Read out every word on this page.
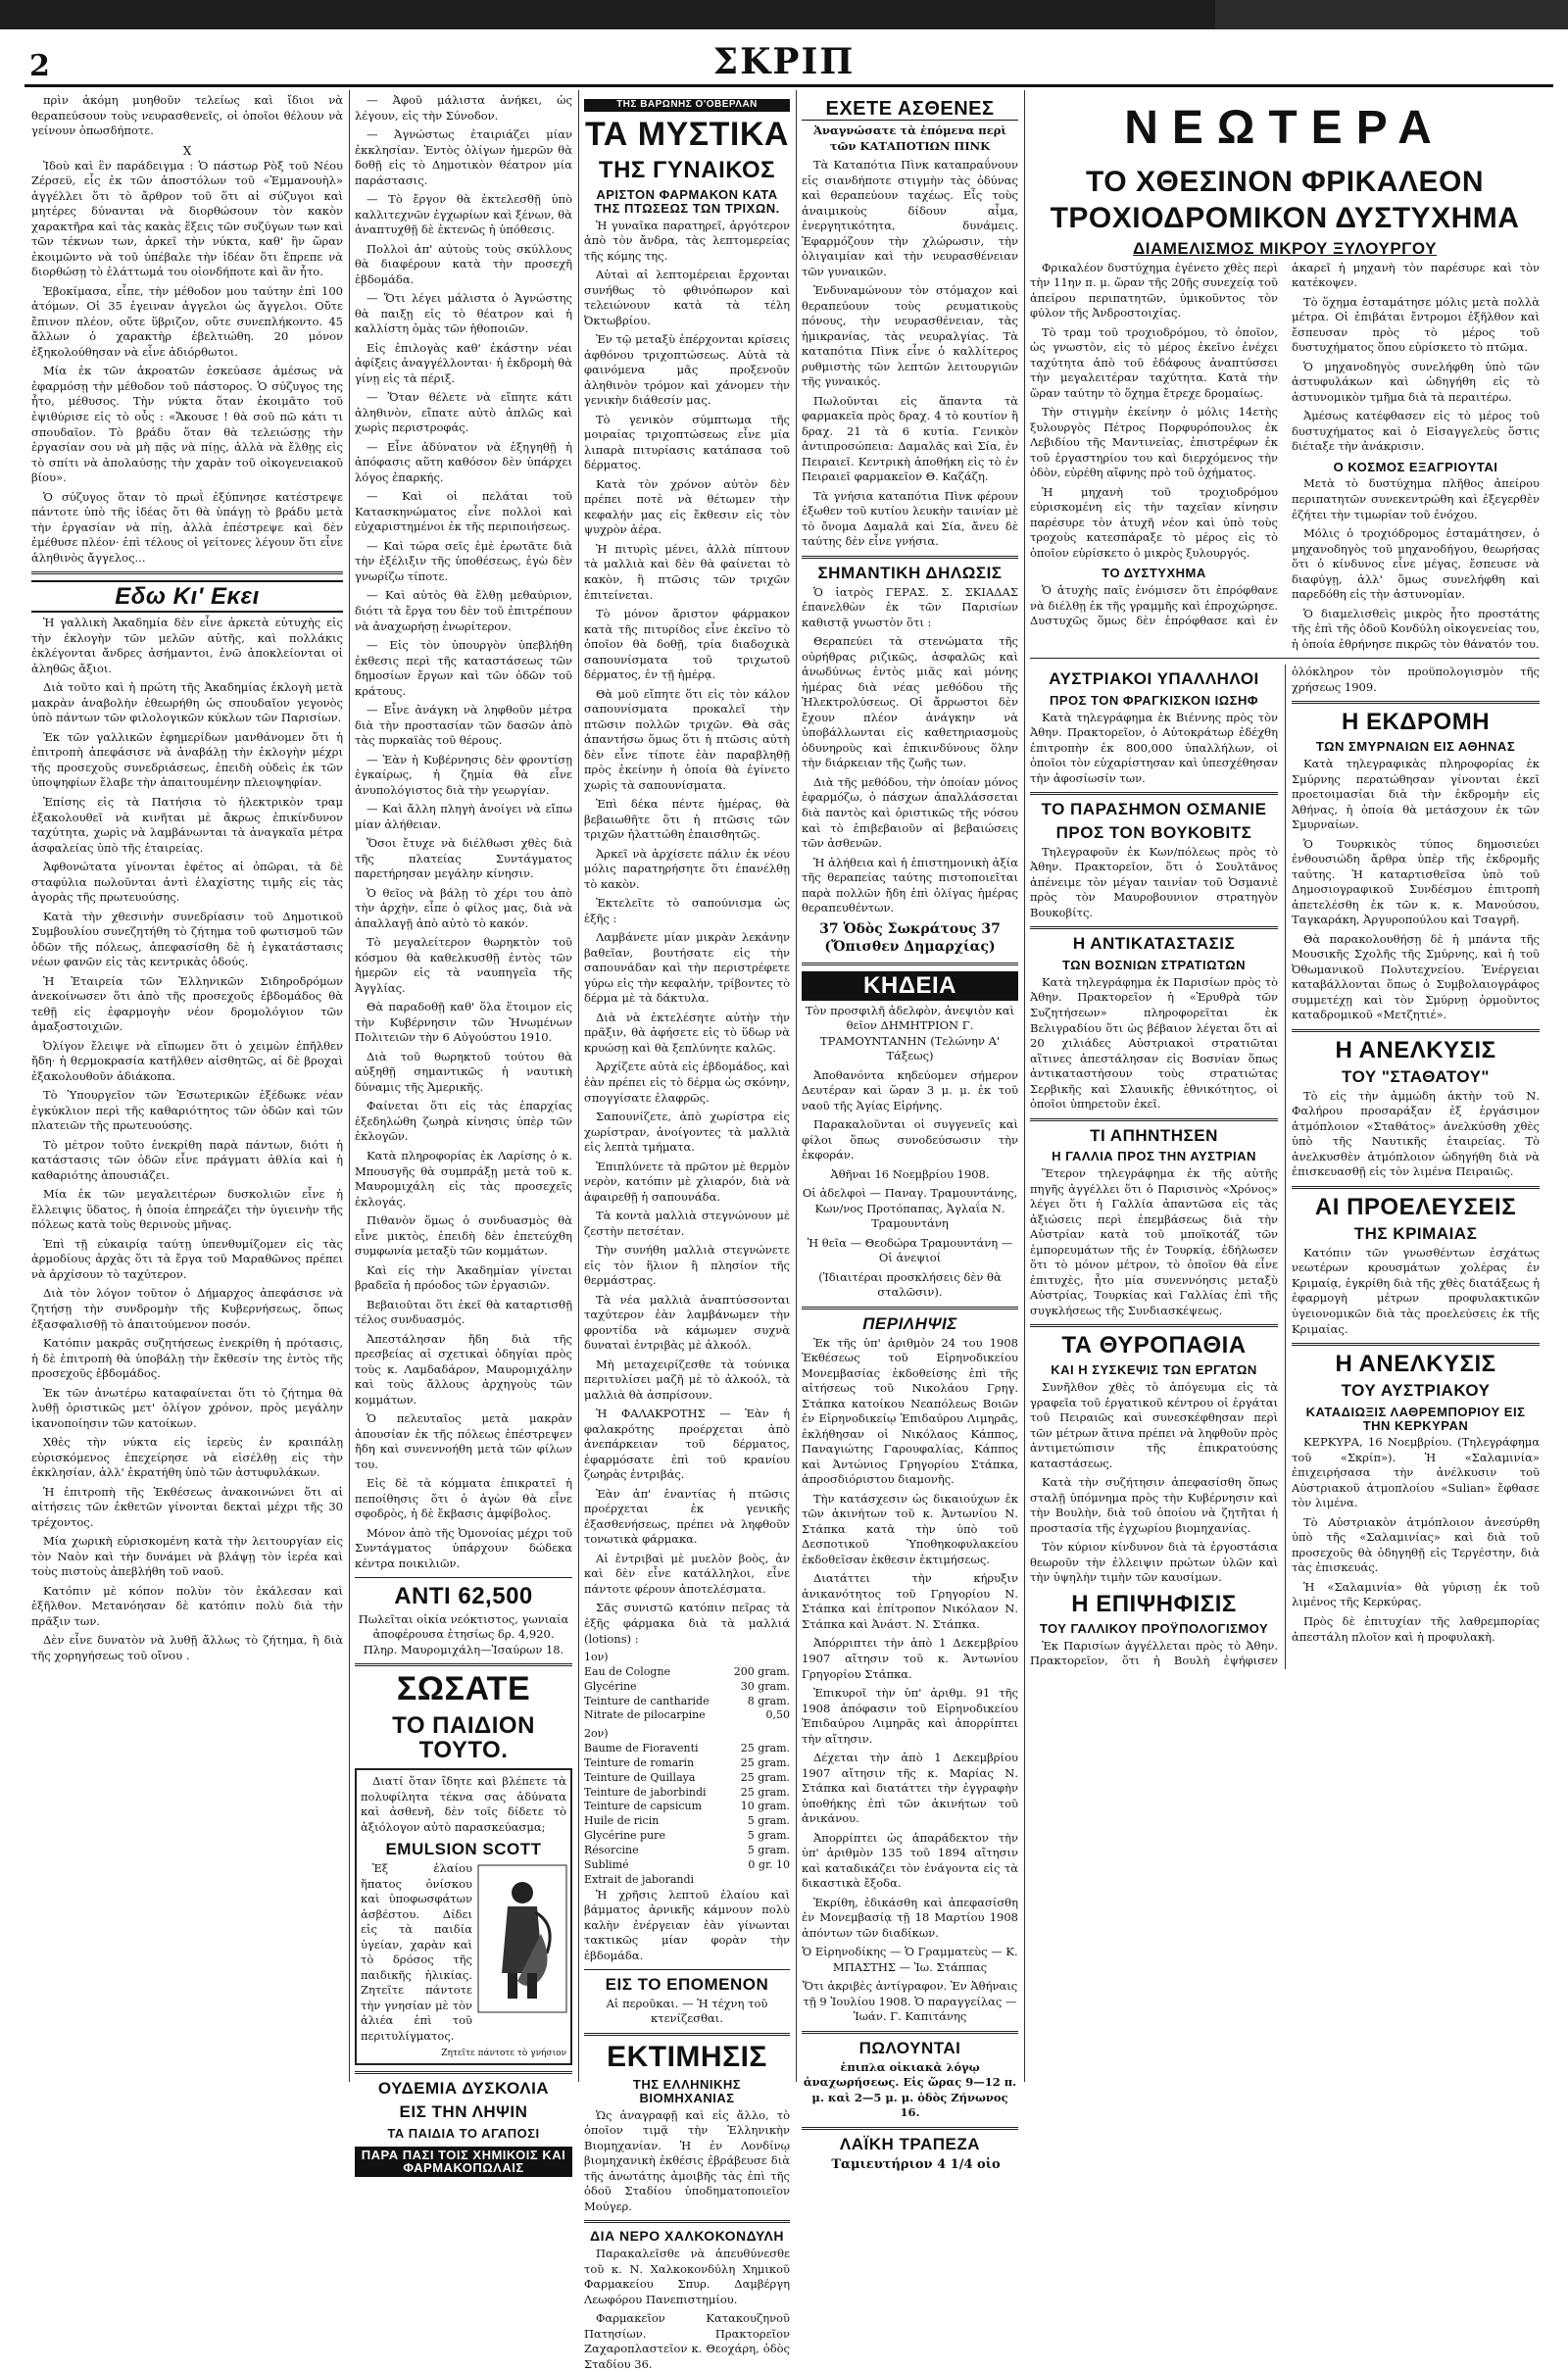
2	ΣΚΡΙΠ

πρὶν ἀκόμη μυηθοῦν τελείως καὶ ἴδιοι νὰ θεραπεύσουν τοὺς νευρασθενεῖς, οἱ ὁποῖοι θέλουν νὰ γείνουν ὁπωσδήποτε.

X

Ἰδοὺ καὶ ἓν παράδειγμα : Ὁ πάστωρ Ρὸξ τοῦ Νέου Ζέρσεϋ, εἷς ἐκ τῶν ἀποστόλων τοῦ «Ἐμμανουὴλ» ἀγγέλλει ὅτι τὸ ἄρθρον τοῦ ὅτι αἱ σύζυγοι καὶ μητέρες δύνανται νὰ διορθώσουν τὸν κακὸν χαρακτῆρα καὶ τὰς κακὰς ἕξεις τῶν συζύγων των καὶ τῶν τέκνων των, ἀρκεῖ τὴν νύκτα, καθ' ἣν ὥραν ἐκοιμῶντο νὰ τοῦ ὑπέβαλε τὴν ἰδέαν ὅτι ἔπρεπε νὰ διορθώσῃ τὸ ἐλάττωμά του οἰονδήποτε καὶ ἂν ἦτο.

Ἐβοκίμασα, εἶπε, τὴν μέθοδον μου ταύτην ἐπὶ 100 ἀτόμων. Οἱ 35 ἐγειναν ἀγγελοι ὡς ἄγγελοι. Οὔτε ἔπινον πλέον, οὔτε ὕβριζον, οὔτε συνεπλήκοντο. 45 ἄλλων ὁ χαρακτὴρ ἐβελτιώθη. 20 μόνον ἐξηκολούθησαν νὰ εἶνε ἀδιόρθωτοι.

Μία ἐκ τῶν ἀκροατῶν ἐσκεύασε ἀμέσως νὰ ἐφαρμόσῃ τὴν μέθοδον τοῦ πάστορος. Ὁ σύζυγος της ἦτο, μέθυσος. Τὴν νύκτα ὅταν ἐκοιμᾶτο τοῦ ἐψιθύρισε εἰς τὸ οὖς : «Ἄκουσε ! θὰ σοῦ πῶ κάτι τι σπουδαῖον. Τὸ βράδυ ὅταν θὰ τελειώσῃς τὴν ἐργασίαν σου νὰ μὴ πᾷς νὰ πίῃς, ἀλλὰ νὰ ἔλθῃς εἰς τὸ σπίτι νὰ ἀπολαύσῃς τὴν χαρὰν τοῦ οἰκογενειακοῦ βίου».

Ὁ σύζυγος ὅταν τὸ πρωῒ ἐξύπνησε κατέστρεψε πάντοτε ὑπὸ τῆς ἰδέας ὅτι θὰ ὑπάγῃ τὸ βράδυ μετὰ τὴν ἐργασίαν νὰ πίῃ, ἀλλὰ ἐπέστρεψε καὶ δὲν ἐμέθυσε πλέον· ἐπὶ τέλους οἱ γείτονες λέγουν ὅτι εἶνε ἀληθινὸς ἄγγελος...

Εδω Κι' Εκει

Ἡ γαλλικὴ Ἀκαδημία δὲν εἶνε ἀρκετὰ εὐτυχὴς εἰς τὴν ἐκλογὴν τῶν μελῶν αὐτῆς, καὶ πολλάκις ἐκλέγονται ἄνδρες ἀσήμαντοι, ἐνῶ ἀποκλείονται οἱ ἀληθῶς ἄξιοι.

Διὰ τοῦτο καὶ ἡ πρώτη τῆς Ἀκαδημίας ἐκλογὴ μετὰ μακρὰν ἀναβολὴν ἐθεωρήθη ὡς σπουδαῖον γεγονὸς ὑπὸ πάντων τῶν φιλολογικῶν κύκλων τῶν Παρισίων.

Ἐκ τῶν γαλλικῶν ἐφημερίδων μανθάνομεν ὅτι ἡ ἐπιτροπὴ ἀπεφάσισε νὰ ἀναβάλῃ τὴν ἐκλογὴν μέχρι τῆς προσεχοῦς συνεδριάσεως, ἐπειδὴ οὐδεὶς ἐκ τῶν ὑποψηφίων ἔλαβε τὴν ἀπαιτουμένην πλειοψηφίαν.

Ἐπίσης εἰς τὰ Πατήσια τὸ ἡλεκτρικὸν τραμ ἐξακολουθεῖ νὰ κινῆται μὲ ἄκρως ἐπικίνδυνον ταχύτητα, χωρὶς νὰ λαμβάνωνται τὰ ἀναγκαῖα μέτρα ἀσφαλείας ὑπὸ τῆς ἑταιρείας.

Ἀφθονώτατα γίνονται ἐφέτος αἱ ὀπῶραι, τὰ δὲ σταφύλια πωλοῦνται ἀντὶ ἐλαχίστης τιμῆς εἰς τὰς ἀγορὰς τῆς πρωτευούσης.

Κατὰ τὴν χθεσινὴν συνεδρίασιν τοῦ Δημοτικοῦ Συμβουλίου συνεζητήθη τὸ ζήτημα τοῦ φωτισμοῦ τῶν ὁδῶν τῆς πόλεως, ἀπεφασίσθη δὲ ἡ ἐγκατάστασις νέων φανῶν εἰς τὰς κεντρικὰς ὁδούς.

Ἡ Ἑταιρεία τῶν Ἑλληνικῶν Σιδηροδρόμων ἀνεκοίνωσεν ὅτι ἀπὸ τῆς προσεχοῦς ἑβδομάδος θὰ τεθῇ εἰς ἐφαρμογὴν νέον δρομολόγιον τῶν ἁμαξοστοιχιῶν.

Ὀλίγον ἔλειψε νὰ εἴπωμεν ὅτι ὁ χειμὼν ἐπῆλθεν ἤδη· ἡ θερμοκρασία κατῆλθεν αἰσθητῶς, αἱ δὲ βροχαὶ ἐξακολουθοῦν ἀδιάκοπα.

Τὸ Ὑπουργεῖον τῶν Ἐσωτερικῶν ἐξέδωκε νέαν ἐγκύκλιον περὶ τῆς καθαριότητος τῶν ὁδῶν καὶ τῶν πλατειῶν τῆς πρωτευούσης.

Τὸ μέτρον τοῦτο ἐνεκρίθη παρὰ πάντων, διότι ἡ κατάστασις τῶν ὁδῶν εἶνε πράγματι ἀθλία καὶ ἡ καθαριότης ἀπουσιάζει.

Μία ἐκ τῶν μεγαλειτέρων δυσκολιῶν εἶνε ἡ ἔλλειψις ὕδατος, ἡ ὁποία ἐπηρεάζει τὴν ὑγιεινὴν τῆς πόλεως κατὰ τοὺς θερινοὺς μῆνας.

Ἐπὶ τῇ εὐκαιρίᾳ ταύτῃ ὑπενθυμίζομεν εἰς τὰς ἀρμοδίους ἀρχὰς ὅτι τὰ ἔργα τοῦ Μαραθῶνος πρέπει νὰ ἀρχίσουν τὸ ταχύτερον.

Διὰ τὸν λόγον τοῦτον ὁ Δήμαρχος ἀπεφάσισε νὰ ζητήσῃ τὴν συνδρομὴν τῆς Κυβερνήσεως, ὅπως ἐξασφαλισθῇ τὸ ἀπαιτούμενον ποσόν.

Κατόπιν μακρᾶς συζητήσεως ἐνεκρίθη ἡ πρότασις, ἡ δὲ ἐπιτροπὴ θὰ ὑποβάλῃ τὴν ἔκθεσίν της ἐντὸς τῆς προσεχοῦς ἑβδομάδος.

Ἐκ τῶν ἀνωτέρω καταφαίνεται ὅτι τὸ ζήτημα θὰ λυθῇ ὁριστικῶς μετ' ὀλίγον χρόνον, πρὸς μεγάλην ἱκανοποίησιν τῶν κατοίκων.

Χθὲς τὴν νύκτα εἰς ἰερεὺς ἐν κραιπάλῃ εὑρισκόμενος ἐπεχείρησε νὰ εἰσέλθῃ εἰς τὴν ἐκκλησίαν, ἀλλ' ἐκρατήθη ὑπὸ τῶν ἀστυφυλάκων.

Ἡ ἐπιτροπὴ τῆς Ἐκθέσεως ἀνακοινώνει ὅτι αἱ αἰτήσεις τῶν ἐκθετῶν γίνονται δεκταὶ μέχρι τῆς 30 τρέχοντος.

Μία χωρικὴ εὑρισκομένη κατὰ τὴν λειτουργίαν εἰς τὸν Ναὸν καὶ τὴν δυνάμει νὰ βλάψῃ τὸν ἱερέα καὶ τοὺς πιστοὺς ἀπεβλήθη τοῦ ναοῦ.

Κατόπιν μὲ κόπον πολὺν τὸν ἐκάλεσαν καὶ ἐξῆλθον. Μετανόησαν δὲ κατόπιν πολὺ διὰ τὴν πρᾶξιν των.

Δὲν εἶνε δυνατὸν νὰ λυθῇ ἄλλως τὸ ζήτημα, ἢ διὰ τῆς χορηγήσεως τοῦ οἴνου .

— Ἀφοῦ μάλιστα ἀνήκει, ὡς λέγουν, εἰς τὴν Σύνοδον.

— Ἀγνώστως ἐταιριάζει μίαν ἐκκλησίαν. Ἐντὸς ὀλίγων ἡμερῶν θὰ δοθῇ εἰς τὸ Δημοτικὸν θέατρον μία παράστασις.

— Τὸ ἔργον θὰ ἐκτελεσθῇ ὑπὸ καλλιτεχνῶν ἐγχωρίων καὶ ξένων, θὰ ἀναπτυχθῇ δὲ ἐκτενῶς ἡ ὑπόθεσις.

Πολλοὶ ἀπ' αὐτοὺς τοὺς σκύλλους θὰ διαφέρουν κατὰ τὴν προσεχῆ ἑβδομάδα.

— Ὅτι λέγει μάλιστα ὁ Ἀγνώστης θὰ παιξῃ εἰς τὸ θέατρον καὶ ἡ καλλίστη ὁμὰς τῶν ἠθοποιῶν.

Εἰς ἐπιλογὰς καθ' ἐκάστην νέαι ἀφίξεις ἀναγγέλλονται· ἡ ἐκδρομὴ θὰ γίνῃ εἰς τὰ πέριξ.

— Ὅταν θέλετε νὰ εἴπητε κάτι ἀληθινὸν, εἴπατε αὐτὸ ἀπλῶς καὶ χωρὶς περιστροφάς.

— Εἶνε ἀδύνατον νὰ ἐξηγηθῇ ἡ ἀπόφασις αὕτη καθόσον δὲν ὑπάρχει λόγος ἐπαρκής.

— Καὶ οἱ πελάται τοῦ Κατασκηνώματος εἶνε πολλοὶ καὶ εὐχαριστημένοι ἐκ τῆς περιποιήσεως.

— Καὶ τώρα σεῖς ἐμὲ ἐρωτᾶτε διὰ τὴν ἐξέλιξιν τῆς ὑποθέσεως, ἐγὼ δὲν γνωρίζω τίποτε.

— Καὶ αὐτὸς θὰ ἔλθῃ μεθαύριον, διότι τὰ ἔργα του δὲν τοῦ ἐπιτρέπουν νὰ ἀναχωρήσῃ ἐνωρίτερον.

— Εἰς τὸν ὑπουργὸν ὑπεβλήθη ἐκθεσις περὶ τῆς καταστάσεως τῶν δημοσίων ἔργων καὶ τῶν ὁδῶν τοῦ κράτους.

— Εἶνε ἀνάγκη νὰ ληφθοῦν μέτρα διὰ τὴν προστασίαν τῶν δασῶν ἀπὸ τὰς πυρκαϊὰς τοῦ θέρους.

— Ἐὰν ἡ Κυβέρνησις δὲν φροντίσῃ ἐγκαίρως, ἡ ζημία θὰ εἶνε ἀνυπολόγιστος διὰ τὴν γεωργίαν.

— Καὶ ἄλλη πληγὴ ἀνοίγει νὰ εἴπω μίαν ἀλήθειαν.

Ὅσοι ἔτυχε νὰ διέλθωσι χθὲς διὰ τῆς πλατείας Συντάγματος παρετήρησαν μεγάλην κίνησιν.

Ὁ θεῖος νὰ βάλῃ τὸ χέρι του ἀπὸ τὴν ἀρχὴν, εἶπε ὁ φίλος μας, διὰ νὰ ἀπαλλαγῇ ἀπὸ αὐτὸ τὸ κακόν.

Τὸ μεγαλείτερον θωρηκτὸν τοῦ κόσμου θὰ καθελκυσθῇ ἐντὸς τῶν ἡμερῶν εἰς τὰ ναυπηγεῖα τῆς Ἀγγλίας.

Θὰ παραδοθῇ καθ' ὅλα ἕτοιμον εἰς τὴν Κυβέρνησιν τῶν Ἡνωμένων Πολιτειῶν τὴν 6 Αὐγούστου 1910.

Διὰ τοῦ θωρηκτοῦ τούτου θὰ αὐξηθῇ σημαντικῶς ἡ ναυτικὴ δύναμις τῆς Ἀμερικῆς.

Φαίνεται ὅτι εἰς τὰς ἐπαρχίας ἐξεδηλώθη ζωηρὰ κίνησις ὑπὲρ τῶν ἐκλογῶν.

Κατὰ πληροφορίας ἐκ Λαρίσης ὁ κ. Μπουσγῆς θὰ συμπράξῃ μετὰ τοῦ κ. Μαυρομιχάλη εἰς τὰς προσεχεῖς ἐκλογάς.

Πιθανὸν ὅμως ὁ συνδυασμὸς θὰ εἶνε μικτὸς, ἐπειδὴ δὲν ἐπετεύχθη συμφωνία μεταξὺ τῶν κομμάτων.

Καὶ εἰς τὴν Ἀκαδημίαν γίνεται βραδεῖα ἡ πρόοδος τῶν ἐργασιῶν.

Βεβαιοῦται ὅτι ἐκεῖ θὰ καταρτισθῇ τέλος συνδυασμός.

Ἀπεστάλησαν ἤδη διὰ τῆς πρεσβείας αἱ σχετικαὶ ὁδηγίαι πρὸς τοὺς κ. Λαμδαδάρον, Μαυρομιχάλην καὶ τοὺς ἄλλους ἀρχηγοὺς τῶν κομμάτων.

Ὁ πελευταῖος μετὰ μακρὰν ἀπουσίαν ἐκ τῆς πόλεως ἐπέστρεψεν ἤδη καὶ συνεννοήθη μετὰ τῶν φίλων του.

Εἰς δὲ τὰ κόμματα ἐπικρατεῖ ἡ πεποίθησις ὅτι ὁ ἀγὼν θὰ εἶνε σφοδρὸς, ἡ δὲ ἔκβασις ἀμφίβολος.

Μόνον ἀπὸ τῆς Ὀμονοίας μέχρι τοῦ Συντάγματος ὑπάρχουν δώδεκα κέντρα ποικιλιῶν.

ΑΝΤΙ 62,500

Πωλεῖται οἰκία νεόκτιστος, γωνιαία ἀποφέρουσα ἐτησίως δρ. 4,920. Πληρ. Μαυρομιχάλη—Ἰσαύρων 18.

ΣΩΣΑΤΕ
ΤΟ ΠΑΙΔΙΟΝ ΤΟΥΤΟ.

Διατί ὅταν ἴδητε καὶ βλέπετε τὰ πολυφίλητα τέκνα σας ἀδύνατα καὶ ἀσθενῆ, δὲν τοῖς δίδετε τὸ ἀξιόλογον αὐτὸ παρασκεύασμα;

EMULSION SCOTT

Ἐξ ἐλαίου ἥπατος ὀνίσκου καὶ ὑποφωσφάτων ἀσβέστου. Δίδει εἰς τὰ παιδία ὑγείαν, χαρὰν καὶ τὸ δρόσος τῆς παιδικῆς ἡλικίας. Ζητεῖτε πάντοτε τὴν γνησίαν μὲ τὸν ἁλιέα ἐπὶ τοῦ περιτυλίγματος.

Ζητεῖτε πάντοτε τὸ γνήσιον
ΟΥΔΕΜΙΑ ΔΥΣΚΟΛΙΑ
ΕΙΣ ΤΗΝ ΛΗΨΙΝ
ΤΑ ΠΑΙΔΙΑ ΤΟ ΑΓΑΠΟΣΙ
ΠΑΡΑ ΠΑΣΙ ΤΟΙΣ ΧΗΜΙΚΟΙΣ ΚΑΙ ΦΑΡΜΑΚΟΠΩΛΑΙΣ
ΤΗΣ ΒΑΡΩΝΗΣ Ο'ΟΒΕΡΛΑΝ
ΤΑ ΜΥΣΤΙΚΑ
ΤΗΣ ΓΥΝΑΙΚΟΣ
ΑΡΙΣΤΟΝ ΦΑΡΜΑΚΟΝ ΚΑΤΑ ΤΗΣ ΠΤΩΣΕΩΣ ΤΩΝ ΤΡΙΧΩΝ.

Ἡ γυναῖκα παρατηρεῖ, ἀργότερον ἀπὸ τὸν ἄνδρα, τὰς λεπτομερείας τῆς κόμης της.

Αὐταὶ αἱ λεπτομέρειαι ἔρχονται συνήθως τὸ φθινόπωρον καὶ τελειώνουν κατὰ τὰ τέλη Ὀκτωβρίου.

Ἐν τῷ μεταξὺ ἐπέρχονται κρίσεις ἀφθόνου τριχοπτώσεως. Αὐτὰ τὰ φαινόμενα μᾶς προξενοῦν ἀληθινὸν τρόμον καὶ χάνομεν τὴν γενικὴν διάθεσίν μας.

Τὸ γενικὸν σύμπτωμα τῆς μοιραίας τριχοπτώσεως εἶνε μία λιπαρὰ πιτυρίασις κατάπασα τοῦ δέρματος.

Κατὰ τὸν χρόνον αὐτὸν δὲν πρέπει ποτὲ νὰ θέτωμεν τὴν κεφαλήν μας εἰς ἔκθεσιν εἰς τὸν ψυχρὸν ἀέρα.

Ἡ πιτυρὶς μένει, ἀλλὰ πίπτουν τὰ μαλλιὰ καὶ δὲν θὰ φαίνεται τὸ κακὸν, ἢ πτῶσις τῶν τριχῶν ἐπιτείνεται.

Τὸ μόνον ἄριστον φάρμακον κατὰ τῆς πιτυρίδος εἶνε ἐκεῖνο τὸ ὁποῖον θὰ δοθῇ, τρία διαδοχικὰ σαπουνίσματα τοῦ τριχωτοῦ δέρματος, ἐν τῇ ἡμέρᾳ.

Θὰ μοῦ εἴπητε ὅτι εἰς τὸν κάλον σαπουνίσματα προκαλεῖ τὴν πτῶσιν πολλῶν τριχῶν. Θὰ σᾶς ἀπαντήσω ὅμως ὅτι ἡ πτῶσις αὐτὴ δὲν εἶνε τίποτε ἐὰν παραβληθῇ πρὸς ἐκείνην ἡ ὁποία θὰ ἐγίνετο χωρὶς τὰ σαπουνίσματα.

Ἐπὶ δέκα πέντε ἡμέρας, θὰ βεβαιωθῆτε ὅτι ἡ πτῶσις τῶν τριχῶν ἠλαττώθη ἐπαισθητῶς.

Ἀρκεῖ νὰ ἀρχίσετε πάλιν ἐκ νέου μόλις παρατηρήσητε ὅτι ἐπανέλθῃ τὸ κακὸν.

Ἐκτελεῖτε τὸ σαπούνισμα ὡς ἑξῆς :

Λαμβάνετε μίαν μικρὰν λεκάνην βαθεῖαν, βουτήσατε εἰς τὴν σαπουνάδαν καὶ τὴν περιστρέφετε γύρω εἰς τὴν κεφαλήν, τρίβοντες τὸ δέρμα μὲ τὰ δάκτυλα.

Διὰ νὰ ἐκτελέσητε αὐτὴν τὴν πρᾶξιν, θὰ ἀφήσετε εἰς τὸ ὕδωρ νὰ κρυώσῃ καὶ θὰ ξεπλύνητε καλῶς.

Ἀρχίζετε αὐτὰ εἰς ἑβδομάδος, καὶ ἐὰν πρέπει εἰς τὸ δέρμα ὡς σκόνην, σπογγίσατε ἐλαφρῶς.

Σαπουνίζετε, ἀπὸ χωρίστρα εἰς χωρίστραν, ἀνοίγοντες τὰ μαλλιὰ εἰς λεπτὰ τμήματα.

Ἐπιπλύνετε τὰ πρῶτον μὲ θερμὸν νερὸν, κατόπιν μὲ χλιαρόν, διὰ νὰ ἀφαιρεθῇ ἡ σαπουνάδα.

Τὰ κοντὰ μαλλιὰ στεγνώνουν μὲ ζεστὴν πετσέταν.

Τὴν συνήθη μαλλιὰ στεγνώνετε εἰς τὸν ἥλιον ἢ πλησίον τῆς θερμάστρας.

Τὰ νέα μαλλιὰ ἀναπτύσσονται ταχύτερον ἐὰν λαμβάνωμεν τὴν φροντίδα νὰ κάμωμεν συχνὰ δυναταὶ ἐντριβὰς μὲ ἀλκοόλ.

Μὴ μεταχειρίζεσθε τὰ τούνικα περιτυλίσει μαζῆ μὲ τὸ ἀλκοόλ, τὰ μαλλιὰ θὰ ἀσπρίσουν.

Ἡ ΦΑΛΑΚΡΟΤΗΣ — Ἐὰν ἡ φαλακρότης προέρχεται ἀπὸ ἀνεπάρκειαν τοῦ δέρματος, ἐφαρμόσατε ἐπὶ τοῦ κρανίου ζωηρὰς ἐντριβάς.

Ἐὰν ἀπ' ἐναντίας ἡ πτῶσις προέρχεται ἐκ γενικῆς ἐξασθενήσεως, πρέπει νὰ ληφθοῦν τονωτικὰ φάρμακα.

Αἱ ἐντριβαὶ μὲ μυελὸν βοὸς, ἀν καὶ δὲν εἶνε κατάλληλοι, εἶνε πάντοτε φέρουν ἀποτελέσματα.

Σᾶς συνιστῶ κατόπιν πεῖρας τὰ ἑξῆς φάρμακα διὰ τὰ μαλλιά (lotions) :

1ον)
Eau de Cologne	200 gram.
Glycérine	30 gram.
Teinture de cantharide	8 gram.
Nitrate de pilocarpine	0,50
2ον)
Baume de Fioraventi	25 gram.
Teinture de romarin	25 gram.
Teinture de Quillaya	25 gram.
Teinture de jaborbindi	25 gram.
Teinture de capsicum	10 gram.
Huile de ricin	5 gram.
Glycérine pure	5 gram.
Résorcine	5 gram.
Sublimé	0 gr. 10
Extrait de jaborandi

Ἡ χρῆσις λεπτοῦ ἐλαίου καὶ βάμματος ἀρνικῆς κάμνουν πολὺ καλὴν ἐνέργειαν ἐὰν γίνωνται τακτικῶς μίαν φορὰν τὴν ἑβδομάδα.

ΕΙΣ ΤΟ ΕΠΟΜΕΝΟΝ

Αἱ περοῦκαι. — Ἡ τέχνη τοῦ κτενίζεσθαι.

ΕΚΤΙΜΗΣΙΣ
ΤΗΣ ΕΛΛΗΝΙΚΗΣ ΒΙΟΜΗΧΑΝΙΑΣ

Ὡς ἀναγραφῇ καὶ εἰς ἄλλο, τὸ ὁποῖον τιμᾷ τὴν Ἑλληνικὴν Βιομηχανίαν. Ἡ ἐν Λονδίνῳ βιομηχανικὴ ἐκθέσις ἐβράβευσε διὰ τῆς ἀνωτάτης ἀμοιβῆς τὰς ἐπὶ τῆς ὁδοῦ Σταδίου ὑποδηματοποιεῖον Μούγερ.

ΔΙΑ ΝΕΡΟ ΧΑΛΚΟΚΟΝΔΥΛΗ

Παρακαλεῖσθε νὰ ἀπευθύνεσθε τοῦ κ. Ν. Χαλκοκονδύλη Χημικοῦ Φαρμακείου Σπυρ. Δαμβέργη Λεωφόρου Πανεπιστημίου.

Φαρμακεῖον Κατακουζηνοῦ Πατησίων. Πρακτορεῖον Ζαχαροπλαστεῖον κ. Θεοχάρη, ὁδὸς Σταδίου 36.

ΕΧΕΤΕ ΑΣΘΕΝΕΣ

Ἀναγνώσατε τὰ ἑπόμενα περὶ τῶν ΚΑΤΑΠΟΤΙΩΝ ΠΙΝΚ

Τὰ Καταπότια Πὶνκ καταπραΰνουν εἰς σιανδήποτε στιγμὴν τὰς ὀδύνας καὶ θεραπεύουν ταχέως. Εἶς τοὺς ἀναιμικοὺς δίδουν αἷμα, ἐνεργητικότητα, δυνάμεις. Ἐφαρμόζουν τὴν χλώρωσιν, τὴν ὀλιγαιμίαν καὶ τὴν νευρασθένειαν τῶν γυναικῶν.

Ἐνδυναμώνουν τὸν στόμαχον καὶ θεραπεύουν τοὺς ρευματικοὺς πόνους, τὴν νευρασθένειαν, τὰς ἡμικρανίας, τὰς νευραλγίας. Τὰ καταπότια Πὶνκ εἶνε ὁ καλλίτερος ρυθμιστὴς τῶν λεπτῶν λειτουργιῶν τῆς γυναικός.

Πωλοῦνται εἰς ἅπαντα τὰ φαρμακεῖα πρὸς δραχ. 4 τὸ κουτίον ἢ δραχ. 21 τὰ 6 κυτία. Γενικὸν ἀντιπροσώπεια: Δαμαλᾶς καὶ Σία, ἐν Πειραιεῖ. Κεντρικὴ ἀποθήκη εἰς τὸ ἐν Πειραιεῖ φαρμακεῖον Θ. Καζάζη.

Τὰ γνήσια καταπότια Πὶνκ φέρουν ἐξωθεν τοῦ κυτίου λευκὴν ταινίαν μὲ τὸ ὄνομα Δαμαλᾶ καὶ Σία, ἄνευ δὲ ταύτης δὲν εἶνε γνήσια.

ΣΗΜΑΝΤΙΚΗ ΔΗΛΩΣΙΣ

Ὁ ἰατρὸς ΓΕΡΑΣ. Σ. ΣΚΙΑΔΑΣ ἐπανελθὼν ἐκ τῶν Παρισίων καθιστᾷ γνωστὸν ὅτι :

Θεραπεύει τὰ στενώματα τῆς οὐρήθρας ριζικῶς, ἀσφαλῶς καὶ ἀνωδύνως ἐντὸς μιᾶς καὶ μόνης ἡμέρας διὰ νέας μεθόδου τῆς Ἡλεκτρολύσεως. Οἱ ἄρρωστοι δὲν ἔχουν πλέον ἀνάγκην νὰ ὑποβάλλωνται εἰς καθετηριασμοὺς ὀδυνηροὺς καὶ ἐπικινδύνους ὅλην τὴν διάρκειαν τῆς ζωῆς των.

Διὰ τῆς μεθόδου, τὴν ὁποίαν μόνος ἐφαρμόζω, ὁ πάσχων ἀπαλλάσσεται διὰ παντὸς καὶ ὁριστικῶς τῆς νόσου καὶ τὸ ἐπιβεβαιοῦν αἱ βεβαιώσεις τῶν ἀσθενῶν.

Ἡ ἀλήθεια καὶ ἡ ἐπιστημονικὴ ἀξία τῆς θεραπείας ταύτης πιστοποιεῖται παρὰ πολλῶν ἤδη ἐπὶ ὀλίγας ἡμέρας θεραπευθέντων.

37 Ὁδὸς Σωκράτους 37 (Ὄπισθεν Δημαρχίας)

ΚΗΔΕΙΑ

Τὸν προσφιλῆ ἀδελφὸν, ἀνεψιὸν καὶ θεῖον ΔΗΜΗΤΡΙΟΝ Γ. ΤΡΑΜΟΥΝΤΑΝΗΝ (Τελώνην Α' Τάξεως)

Ἀποθανόντα κηδεύομεν σήμερον Δευτέραν καὶ ὥραν 3 μ. μ. ἐκ τοῦ ναοῦ τῆς Ἁγίας Εἰρήνης.

Παρακαλοῦνται οἱ συγγενεῖς καὶ φίλοι ὅπως συνοδεύσωσιν τὴν ἐκφοράν.

Ἀθῆναι 16 Νοεμβρίου 1908.

Οἱ ἀδελφοὶ — Παναγ. Τραμουντάνης, Κων/νος Προτόπαπας, Ἀγλαΐα Ν. Τραμουντάνη

Ἡ θεῖα — Θεοδώρα Τραμουντάνη — Οἱ ἀνεψιοί

(Ἰδιαιτέραι προσκλήσεις δὲν θὰ σταλῶσιν).

ΠΕΡΙΛΗΨΙΣ

Ἐκ τῆς ὑπ' ἀριθμὸν 24 του 1908 Ἐκθέσεως τοῦ Εἰρηνοδικείου Μονεμβασίας ἐκδοθείσης ἐπὶ τῆς αἰτήσεως τοῦ Νικολάου Γρηγ. Στάπκα κατοίκου Νεαπόλεως Βοιῶν ἐν Εἰρηνοδικείῳ Ἐπιδαύρου Λιμηρᾶς, ἐκλήθησαν οἱ Νικόλαος Κάππος, Παναγιώτης Γαρουφαλίας, Κάππος καὶ Ἀντώνιος Γρηγορίου Στάπκα, ἀπροσδιόριστου διαμονῆς.

Τὴν κατάσχεσιν ὡς δικαιούχων ἐκ τῶν ἀκινήτων τοῦ κ. Ἀντωνίου Ν. Στάπκα κατὰ τὴν ὑπὸ τοῦ Δεσποτικοῦ Ὑποθηκοφυλακείου ἐκδοθεῖσαν ἐκθεσιν ἐκτιμήσεως.

Διατάττει τὴν κήρυξιν ἀνικανότητος τοῦ Γρηγορίου Ν. Στάπκα καὶ ἐπίτροπον Νικόλαον Ν. Στάπκα καὶ Ἀνάστ. Ν. Στάπκα.

Ἀπόρριπτει τὴν ἀπὸ 1 Δεκεμβρίου 1907 αἴτησιν τοῦ κ. Ἀντωνίου Γρηγορίου Στάπκα.

Ἐπικυροῖ τὴν ὑπ' ἀριθμ. 91 τῆς 1908 ἀπόφασιν τοῦ Εἰρηνοδικείου Ἐπιδαύρου Λιμηρᾶς καὶ ἀπορρίπτει τὴν αἴτησιν.

Δέχεται τὴν ἀπὸ 1 Δεκεμβρίου 1907 αἴτησιν τῆς κ. Μαρίας Ν. Στάπκα καὶ διατάττει τὴν ἐγγραφὴν ὑποθήκης ἐπὶ τῶν ἀκινήτων τοῦ ἀνικάνου.

Ἀπορρίπτει ὡς ἀπαράδεκτον τὴν ὑπ' ἀριθμὸν 135 τοῦ 1894 αἴτησιν καὶ καταδικάζει τὸν ἐνάγοντα εἰς τὰ δικαστικὰ ἔξοδα.

Ἐκρίθη, ἐδικάσθη καὶ ἀπεφασίσθη ἐν Μονεμβασίᾳ τῇ 18 Μαρτίου 1908 ἀπόντων τῶν διαδίκων.

Ὁ Εἰρηνοδίκης — Ὁ Γραμματεὺς — Κ. ΜΠΑΣΤΗΣ — Ἰω. Στάππας

Ὅτι ἀκριβὲς ἀντίγραφον. Ἐν Ἀθήναις τῇ 9 Ἰουλίου 1908. Ὁ παραγγείλας — Ἰωάν. Γ. Καπιτάνης

ΠΩΛΟΥΝΤΑΙ

ἐπιπλα οἰκιακὰ λόγῳ ἀναχωρήσεως. Εἰς ὥρας 9—12 π. μ. καὶ 2—5 μ. μ. ὁδὸς Ζήνωνος 16.

ΛΑΪΚΗ ΤΡΑΠΕΖΑ

Ταμιευτήριον 4 1/4 οἱο

ΝΕΩΤΕΡΑ
ΤΟ ΧΘΕΣΙΝΟΝ ΦΡΙΚΑΛΕΟΝ
ΤΡΟΧΙΟΔΡΟΜΙΚΟΝ ΔΥΣΤΥΧΗΜΑ
ΔΙΑΜΕΛΙΣΜΟΣ ΜΙΚΡΟΥ ΞΥΛΟΥΡΓΟΥ

Φρικαλέον δυστύχημα ἐγένετο χθὲς περὶ τὴν 11ην π. μ. ὥραν τῆς 20ῆς συνεχείᾳ τοῦ ἀπείρου περιπατητῶν, ὑμικοῦντος τὸν φύλον τῆς Ἀνδροστοιχίας.

Τὸ τραμ τοῦ τροχιοδρόμου, τὸ ὁποῖον, ὡς γνωστὸν, εἰς τὸ μέρος ἐκεῖνο ἐνέχει ταχύτητα ἀπὸ τοῦ ἐδάφους ἀναπτύσσει τὴν μεγαλειτέραν ταχύτητα. Κατὰ τὴν ὥραν ταύτην τὸ ὅχημα ἔτρεχε δρομαίως.

Τὴν στιγμὴν ἐκείνην ὁ μόλις 14ετὴς ξυλουργὸς Πέτρος Πορφυρόπουλος ἐκ Λεβιδίου τῆς Μαντινείας, ἐπιστρέφων ἐκ τοῦ ἐργαστηρίου του καὶ διερχόμενος τὴν ὁδὸν, εὑρέθη αἴφνης πρὸ τοῦ ὀχήματος.

Ἡ μηχανὴ τοῦ τροχιοδρόμου εὑρισκομένη εἰς τὴν ταχεῖαν κίνησιν παρέσυρε τὸν ἀτυχῆ νέον καὶ ὑπὸ τοὺς τροχοὺς κατεσπάραξε τὸ μέρος εἰς τὸ ὁποῖον εὑρίσκετο ὁ μικρὸς ξυλουργός.

ΤΟ ΔΥΣΤΥΧΗΜΑ

Ὁ ἀτυχὴς παῖς ἐνόμισεν ὅτι ἐπρόφθανε νὰ διέλθῃ ἐκ τῆς γραμμῆς καὶ ἐπροχώρησε. Δυστυχῶς ὅμως δὲν ἐπρόφθασε καὶ ἐν ἀκαρεῖ ἡ μηχανὴ τὸν παρέσυρε καὶ τὸν κατέκοψεν.

Τὸ ὅχημα ἐσταμάτησε μόλις μετὰ πολλὰ μέτρα. Οἱ ἐπιβάται ἔντρομοι ἐξῆλθον καὶ ἔσπευσαν πρὸς τὸ μέρος τοῦ δυστυχήματος ὅπου εὑρίσκετο τὸ πτῶμα.

Ὁ μηχανοδηγὸς συνελήφθη ὑπὸ τῶν ἀστυφυλάκων καὶ ὡδηγήθη εἰς τὸ ἀστυνομικὸν τμῆμα διὰ τὰ περαιτέρω.

Ἀμέσως κατέφθασεν εἰς τὸ μέρος τοῦ δυστυχήματος καὶ ὁ Εἰσαγγελεὺς ὅστις διέταξε τὴν ἀνάκρισιν.

Ο ΚΟΣΜΟΣ ΕΞΑΓΡΙΟΥΤΑΙ

Μετὰ τὸ δυστύχημα πλῆθος ἀπείρου περιπατητῶν συνεκεντρώθη καὶ ἐξεγερθὲν ἐζήτει τὴν τιμωρίαν τοῦ ἐνόχου.

Μόλις ὁ τροχιόδρομος ἐσταμάτησεν, ὁ μηχανοδηγὸς τοῦ μηχανοδήγου, θεωρήσας ὅτι ὁ κίνδυνος εἶνε μέγας, ἔσπευσε νὰ διαφύγῃ, ἀλλ' ὅμως συνελήφθη καὶ παρεδόθη εἰς τὴν ἀστυνομίαν.

Ὁ διαμελισθεὶς μικρὸς ἦτο προστάτης τῆς ἐπὶ τῆς ὁδοῦ Κονδύλη οἰκογενείας του, ἡ ὁποία ἐθρήνησε πικρῶς τὸν θάνατόν του.

ΑΥΣΤΡΙΑΚΟΙ ΥΠΑΛΛΗΛΟΙ
ΠΡΟΣ ΤΟΝ ΦΡΑΓΚΙΣΚΟΝ ΙΩΣΗΦ

Κατὰ τηλεγράφημα ἐκ Βιέννης πρὸς τὸν Ἀθην. Πρακτορεῖον, ὁ Αὐτοκράτωρ ἐδέχθη ἐπιτροπὴν ἐκ 800,000 ὑπαλλήλων, οἱ ὁποῖοι τὸν εὐχαρίστησαν καὶ ὑπεσχέθησαν τὴν ἀφοσίωσίν των.

ΤΟ ΠΑΡΑΣΗΜΟΝ ΟΣΜΑΝΙΕ
ΠΡΟΣ ΤΟΝ ΒΟΥΚΟΒΙΤΣ

Τηλεγραφοῦν ἐκ Κων/πόλεως πρὸς τὸ Ἀθην. Πρακτορεῖον, ὅτι ὁ Σουλτᾶνος ἀπένειμε τὸν μέγαν ταινίαν τοῦ Ὀσμανιὲ πρὸς τὸν Μαυροβουνιον στρατηγὸν Βουκοβίτς.

Η ΑΝΤΙΚΑΤΑΣΤΑΣΙΣ
ΤΩΝ ΒΟΣΝΙΩΝ ΣΤΡΑΤΙΩΤΩΝ

Κατὰ τηλεγράφημα ἐκ Παρισίων πρὸς τὸ Ἀθην. Πρακτορεῖον ἡ «Ἐρυθρὰ τῶν Συζητήσεων» πληροφορεῖται ἐκ Βελιγραδίου ὅτι ὡς βέβαιον λέγεται ὅτι αἱ 20 χιλιάδες Αὐστριακοὶ στρατιῶται αἵτινες ἀπεστάλησαν εἰς Βοσνίαν ὅπως ἀντικαταστήσουν τοὺς στρατιώτας Σερβικῆς καὶ Σλαυικῆς ἐθνικότητος, οἱ ὁποῖοι ὑπηρετοῦν ἐκεῖ.

ΤΙ ΑΠΗΝΤΗΣΕΝ
Η ΓΑΛΛΙΑ ΠΡΟΣ ΤΗΝ ΑΥΣΤΡΙΑΝ

Ἕτερον τηλεγράφημα ἐκ τῆς αὐτῆς πηγῆς ἀγγέλλει ὅτι ὁ Παρισινὸς «Χρόνος» λέγει ὅτι ἡ Γαλλία ἀπαντῶσα εἰς τὰς ἀξιώσεις περὶ ἐπεμβάσεως διὰ τὴν Αὐστρίαν κατὰ τοῦ μποϊκοτάζ τῶν ἐμπορευμάτων τῆς ἐν Τουρκίᾳ, ἐδήλωσεν ὅτι τὸ μόνον μέτρον, τὸ ὁποῖον θὰ εἶνε ἐπιτυχὲς, ἦτο μία συνεννόησις μεταξὺ Αὐστρίας, Τουρκίας καὶ Γαλλίας ἐπὶ τῆς συγκλήσεως τῆς Συνδιασκέψεως.

ΤΑ ΘΥΡΟΠΑΘΙΑ
ΚΑΙ Η ΣΥΣΚΕΨΙΣ ΤΩΝ ΕΡΓΑΤΩΝ

Συνῆλθον χθὲς τὸ ἀπόγευμα εἰς τὰ γραφεῖα τοῦ ἐργατικοῦ κέντρου οἱ ἐργάται τοῦ Πειραιῶς καὶ συνεσκέφθησαν περὶ τῶν μέτρων ἅτινα πρέπει νὰ ληφθοῦν πρὸς ἀντιμετώπισιν τῆς ἐπικρατούσης καταστάσεως.

Κατὰ τὴν συζήτησιν ἀπεφασίσθη ὅπως σταλῇ ὑπόμνημα πρὸς τὴν Κυβέρνησιν καὶ τὴν Βουλὴν, διὰ τοῦ ὁποίου νὰ ζητῆται ἡ προστασία τῆς ἐγχωρίου βιομηχανίας.

Τὸν κύριον κίνδυνον διὰ τὰ ἐργοστάσια θεωροῦν τὴν ἐλλειψιν πρώτων ὑλῶν καὶ τὴν ὑψηλὴν τιμὴν τῶν καυσίμων.

Η ΕΠΙΨΗΦΙΣΙΣ
ΤΟΥ ΓΑΛΛΙΚΟΥ ΠΡΟΫΠΟΛΟΓΙΣΜΟΥ

Ἐκ Παρισίων ἀγγέλλεται πρὸς τὸ Ἀθην. Πρακτορεῖον, ὅτι ἡ Βουλὴ ἐψήφισεν ὁλόκληρον τὸν προϋπολογισμὸν τῆς χρήσεως 1909.

Η ΕΚΔΡΟΜΗ
ΤΩΝ ΣΜΥΡΝΑΙΩΝ ΕΙΣ ΑΘΗΝΑΣ

Κατὰ τηλεγραφικὰς πληροφορίας ἐκ Σμύρνης περατώθησαν γίνονται ἐκεῖ προετοιμασίαι διὰ τὴν ἐκδρομὴν εἰς Ἀθήνας, ἡ ὁποία θὰ μετάσχουν ἐκ τῶν Σμυρναίων.

Ὁ Τουρκικὸς τύπος δημοσιεύει ἐνθουσιώδη ἄρθρα ὑπὲρ τῆς ἐκδρομῆς ταύτης. Ἡ καταρτισθεῖσα ὑπὸ τοῦ Δημοσιογραφικοῦ Συνδέσμου ἐπιτροπὴ ἀπετελέσθη ἐκ τῶν κ. κ. Μανούσου, Ταγκαράκη, Ἀργυροπούλου καὶ Τσαγρῆ.

Θὰ παρακολουθήσῃ δὲ ἡ μπάντα τῆς Μουσικῆς Σχολῆς τῆς Σμύρνης, καὶ ἡ τοῦ Ὀθωμανικοῦ Πολυτεχνείου. Ἐνέργειαι καταβάλλονται ὅπως ὁ Συμβολαιογράφος συμμετέχῃ καὶ τὸν Σμύρνῃ ὁρμοῦντος καταδρομικοῦ «Μετζητιέ».

Η ΑΝΕΛΚΥΣΙΣ
ΤΟΥ "ΣΤΑΘΑΤΟΥ"

Τὸ εἰς τὴν ἀμμώδη ἀκτὴν τοῦ Ν. Φαλήρου προσαράξαν ἐξ ἐργάσιμον ἀτμόπλοιον «Σταθάτος» ἀνελκύσθη χθὲς ὑπὸ τῆς Ναυτικῆς ἑταιρείας. Τὸ ἀνελκυσθὲν ἀτμόπλοιον ὡδηγήθη διὰ νὰ ἐπισκευασθῇ εἰς τὸν λιμένα Πειραιῶς.

ΑΙ ΠΡΟΕΛΕΥΣΕΙΣ
ΤΗΣ ΚΡΙΜΑΙΑΣ

Κατόπιν τῶν γνωσθέντων ἐσχάτως νεωτέρων κρουσμάτων χολέρας ἐν Κριμαίᾳ, ἐγκρίθη διὰ τῆς χθὲς διατάξεως ἡ ἐφαρμογὴ μέτρων προφυλακτικῶν ὑγειονομικῶν διὰ τὰς προελεύσεις ἐκ τῆς Κριμαίας.

Η ΑΝΕΛΚΥΣΙΣ
ΤΟΥ ΑΥΣΤΡΙΑΚΟΥ
ΚΑΤΑΔΙΩΞΙΣ ΛΑΘΡΕΜΠΟΡΙΟΥ ΕΙΣ ΤΗΝ ΚΕΡΚΥΡΑΝ

ΚΕΡΚΥΡΑ, 16 Νοεμβρίου. (Τηλεγράφημα τοῦ «Σκρίπ»). Ἡ «Σαλαμινία» ἐπιχειρήσασα τὴν ἀνέλκυσιν τοῦ Αὐστριακοῦ ἀτμοπλοίου «Sulian» ἔφθασε τὸν λιμένα.

Τὸ Αὐστριακὸν ἀτμόπλοιον ἀνεσύρθη ὑπὸ τῆς «Σαλαμινίας» καὶ διὰ τοῦ προσεχοῦς θὰ ὁδηγηθῇ εἰς Τεργέστην, διὰ τὰς ἐπισκευάς.

Ἡ «Σαλαμινία» θὰ γύρισῃ ἐκ τοῦ λιμένος τῆς Κερκύρας.

Πρὸς δὲ ἐπιτυχίαν τῆς λαθρεμπορίας ἀπεστάλη πλοῖον καὶ ἡ προφυλακὴ.
